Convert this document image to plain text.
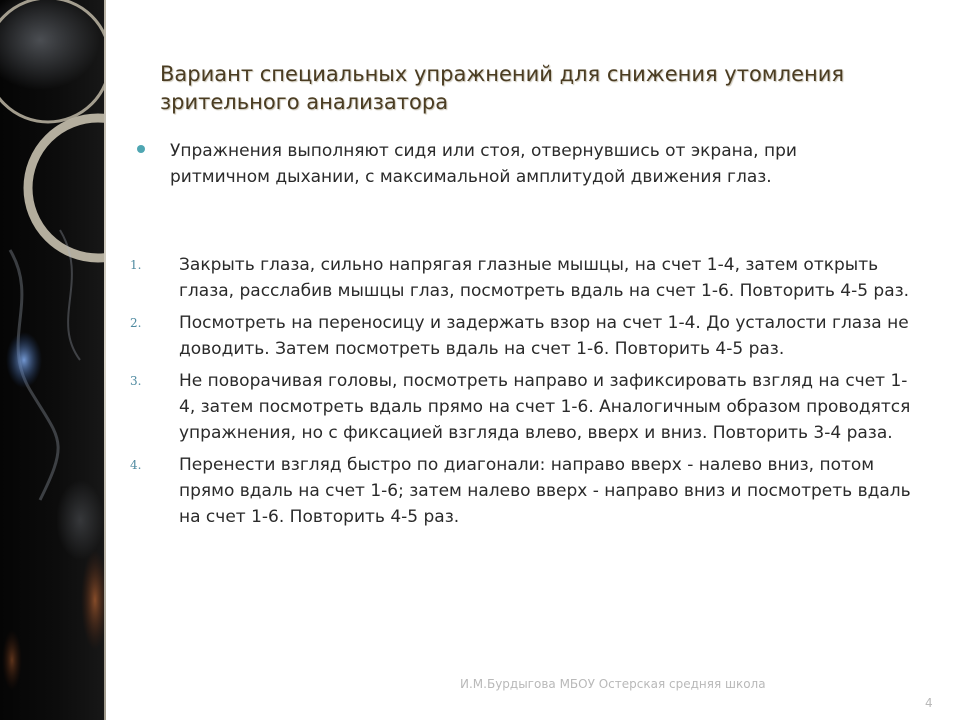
Вариант специальных упражнений для снижения утомления зрительного анализатора

Упражнения выполняют сидя или стоя, отвернувшись от экрана, при ритмичном дыхании, с максимальной амплитудой движения глаз.

1. Закрыть глаза, сильно напрягая глазные мышцы, на счет 1-4, затем открыть глаза, расслабив мышцы глаз, посмотреть вдаль на счет 1-6. Повторить 4-5 раз.
2. Посмотреть на переносицу и задержать взор на счет 1-4. До усталости глаза не доводить. Затем посмотреть вдаль на счет 1-6. Повторить 4-5 раз.
3. Не поворачивая головы, посмотреть направо и зафиксировать взгляд на счет 1-4, затем посмотреть вдаль прямо на счет 1-6. Аналогичным образом проводятся упражнения, но с фиксацией взгляда влево, вверх и вниз. Повторить 3-4 раза.
4. Перенести взгляд быстро по диагонали: направо вверх - налево вниз, потом прямо вдаль на счет 1-6; затем налево вверх - направо вниз и посмотреть вдаль на счет 1-6. Повторить 4-5 раз.
И.М.Бурдыгова МБОУ Остерская средняя школа
4
